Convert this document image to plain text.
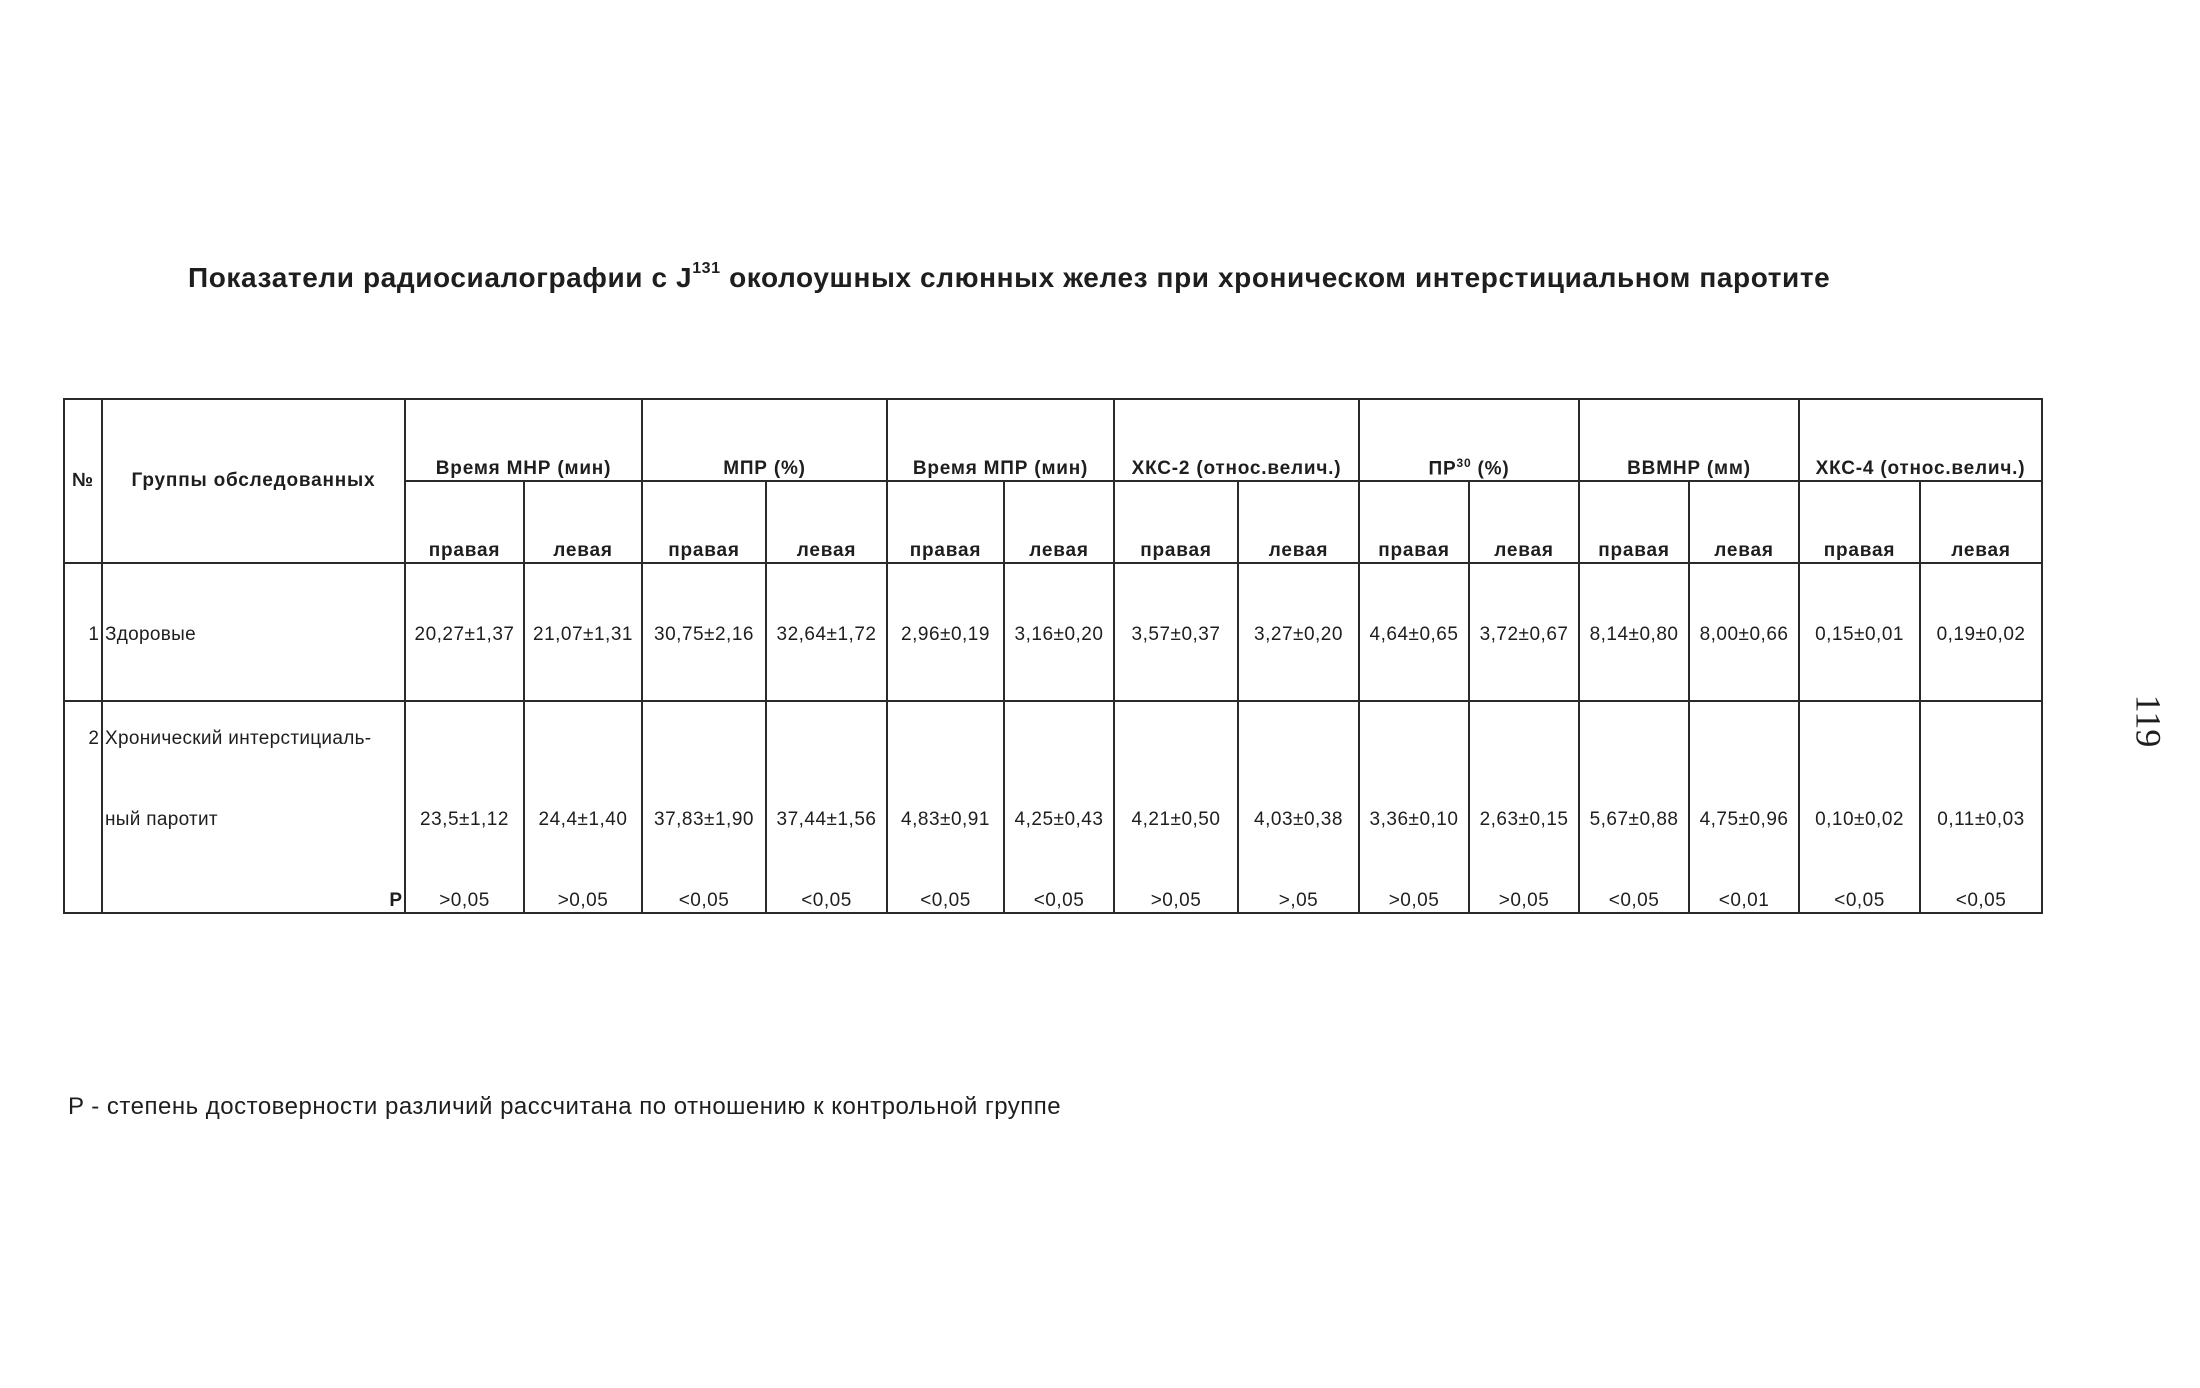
Показатели радиосиалографии с $J^{131}$ околоушных слюнных желез при хроническом интерстициальном паротите
119
№	Группы обследованных	Время МНР (мин)		МПР (%)		Время МПР (мин)		ХКС-2 (относ.велич.)		ПР$^{30}$ (%)		ВВМНР (мм)		ХКС-4 (относ.велич.)	
		правая	левая	правая	левая	правая	левая	правая	левая	правая	левая	правая	левая	правая	левая
1	Здоровые	20,27±1,37	21,07±1,31	30,75±2,16	32,64±1,72	2,96±0,19	3,16±0,20	3,57±0,37	3,27±0,20	4,64±0,65	3,72±0,67	8,14±0,80	8,00±0,66	0,15±0,01	0,19±0,02
2	Хронический интерстициаль-														
	ный паротит	23,5±1,12	24,4±1,40	37,83±1,90	37,44±1,56	4,83±0,91	4,25±0,43	4,21±0,50	4,03±0,38	3,36±0,10	2,63±0,15	5,67±0,88	4,75±0,96	0,10±0,02	0,11±0,03
	P	>0,05	>0,05	<0,05	<0,05	<0,05	<0,05	>0,05	>,05	>0,05	>0,05	<0,05	<0,01	<0,05	<0,05
P - степень достоверности различий рассчитана по отношению к контрольной группе
